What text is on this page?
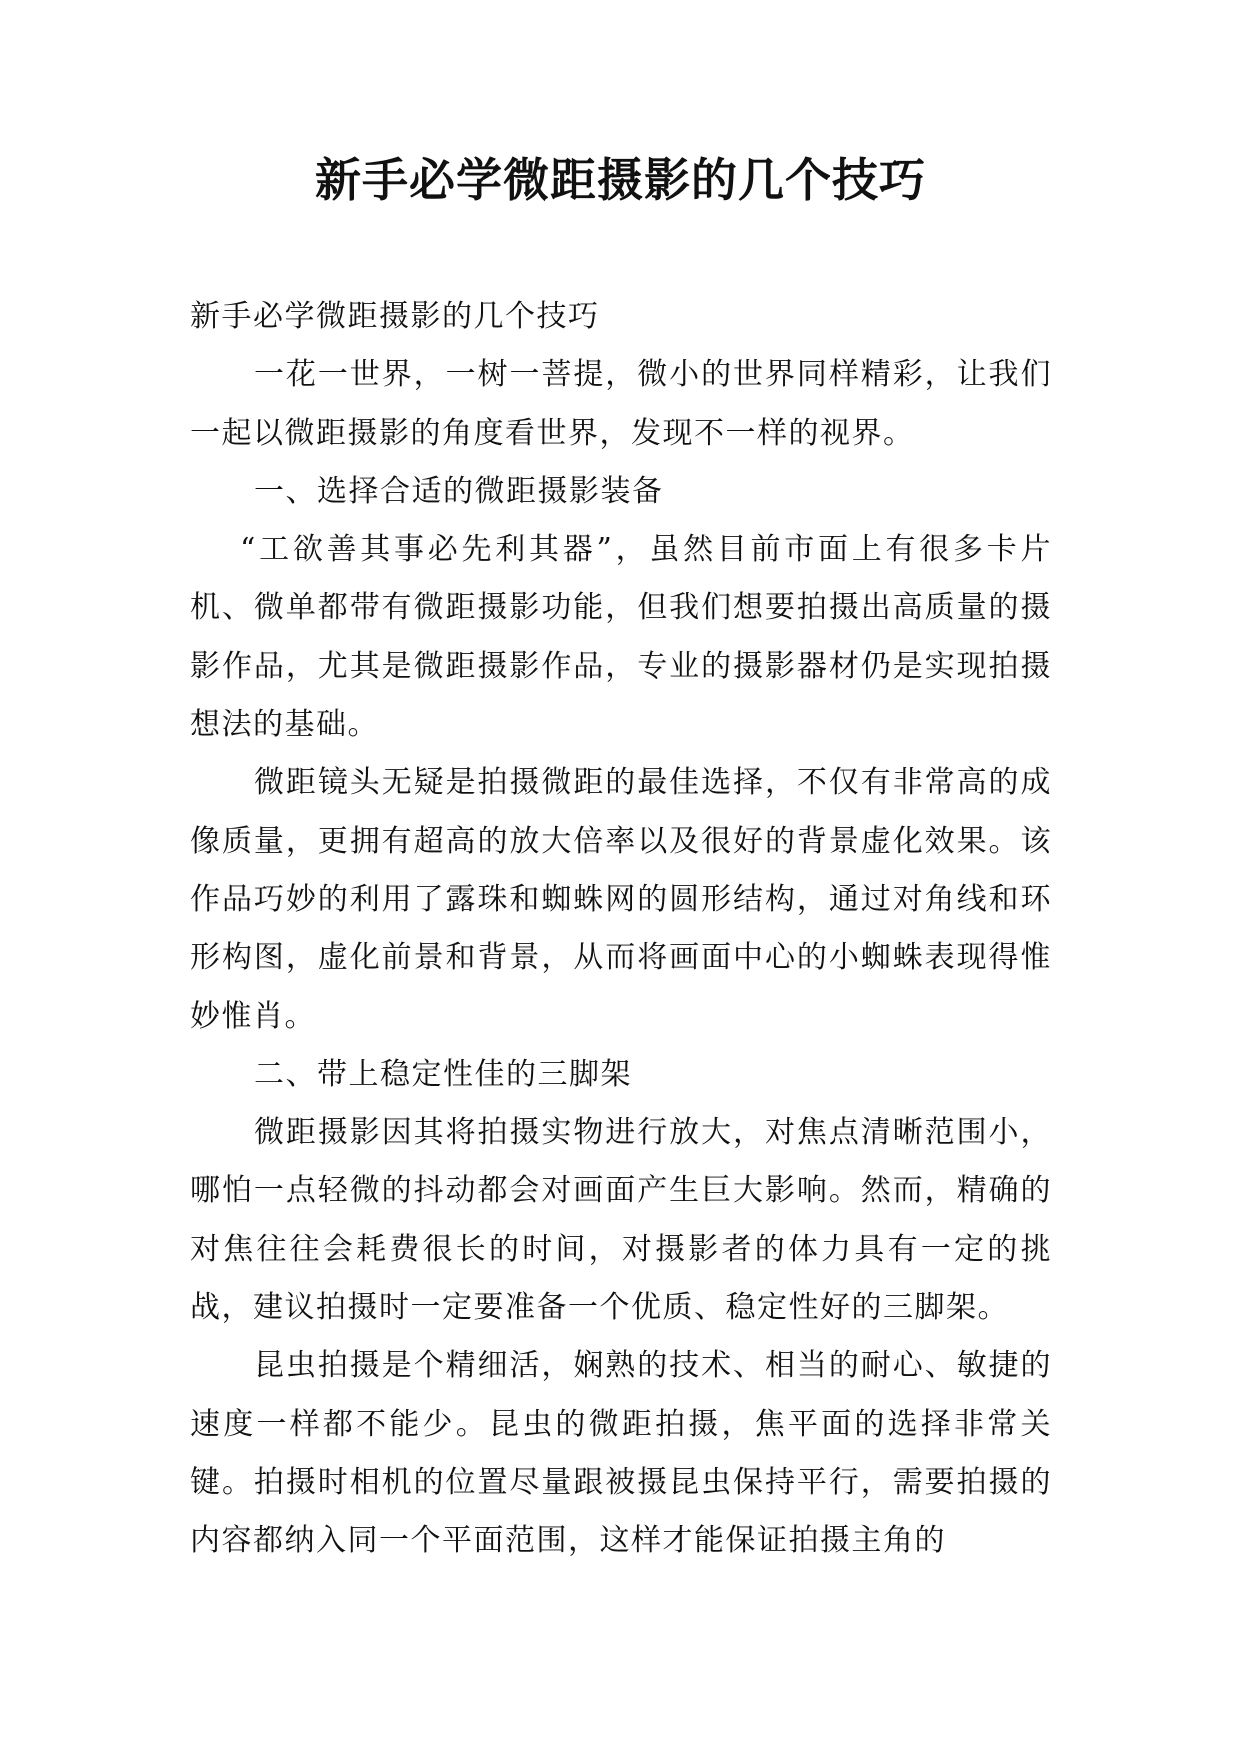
新手必学微距摄影的几个技巧

新手必学微距摄影的几个技巧

一花一世界，一树一菩提，微小的世界同样精彩，让我们一起以微距摄影的角度看世界，发现不一样的视界。

一、选择合适的微距摄影装备

“工欲善其事必先利其器”，虽然目前市面上有很多卡片机、微单都带有微距摄影功能，但我们想要拍摄出高质量的摄影作品，尤其是微距摄影作品，专业的摄影器材仍是实现拍摄想法的基础。

微距镜头无疑是拍摄微距的最佳选择，不仅有非常高的成像质量，更拥有超高的放大倍率以及很好的背景虚化效果。该作品巧妙的利用了露珠和蜘蛛网的圆形结构，通过对角线和环形构图，虚化前景和背景，从而将画面中心的小蜘蛛表现得惟妙惟肖。

二、带上稳定性佳的三脚架

微距摄影因其将拍摄实物进行放大，对焦点清晰范围小，哪怕一点轻微的抖动都会对画面产生巨大影响。然而，精确的对焦往往会耗费很长的时间，对摄影者的体力具有一定的挑战，建议拍摄时一定要准备一个优质、稳定性好的三脚架。

昆虫拍摄是个精细活，娴熟的技术、相当的耐心、敏捷的速度一样都不能少。昆虫的微距拍摄，焦平面的选择非常关键。拍摄时相机的位置尽量跟被摄昆虫保持平行，需要拍摄的内容都纳入同一个平面范围，这样才能保证拍摄主角的
